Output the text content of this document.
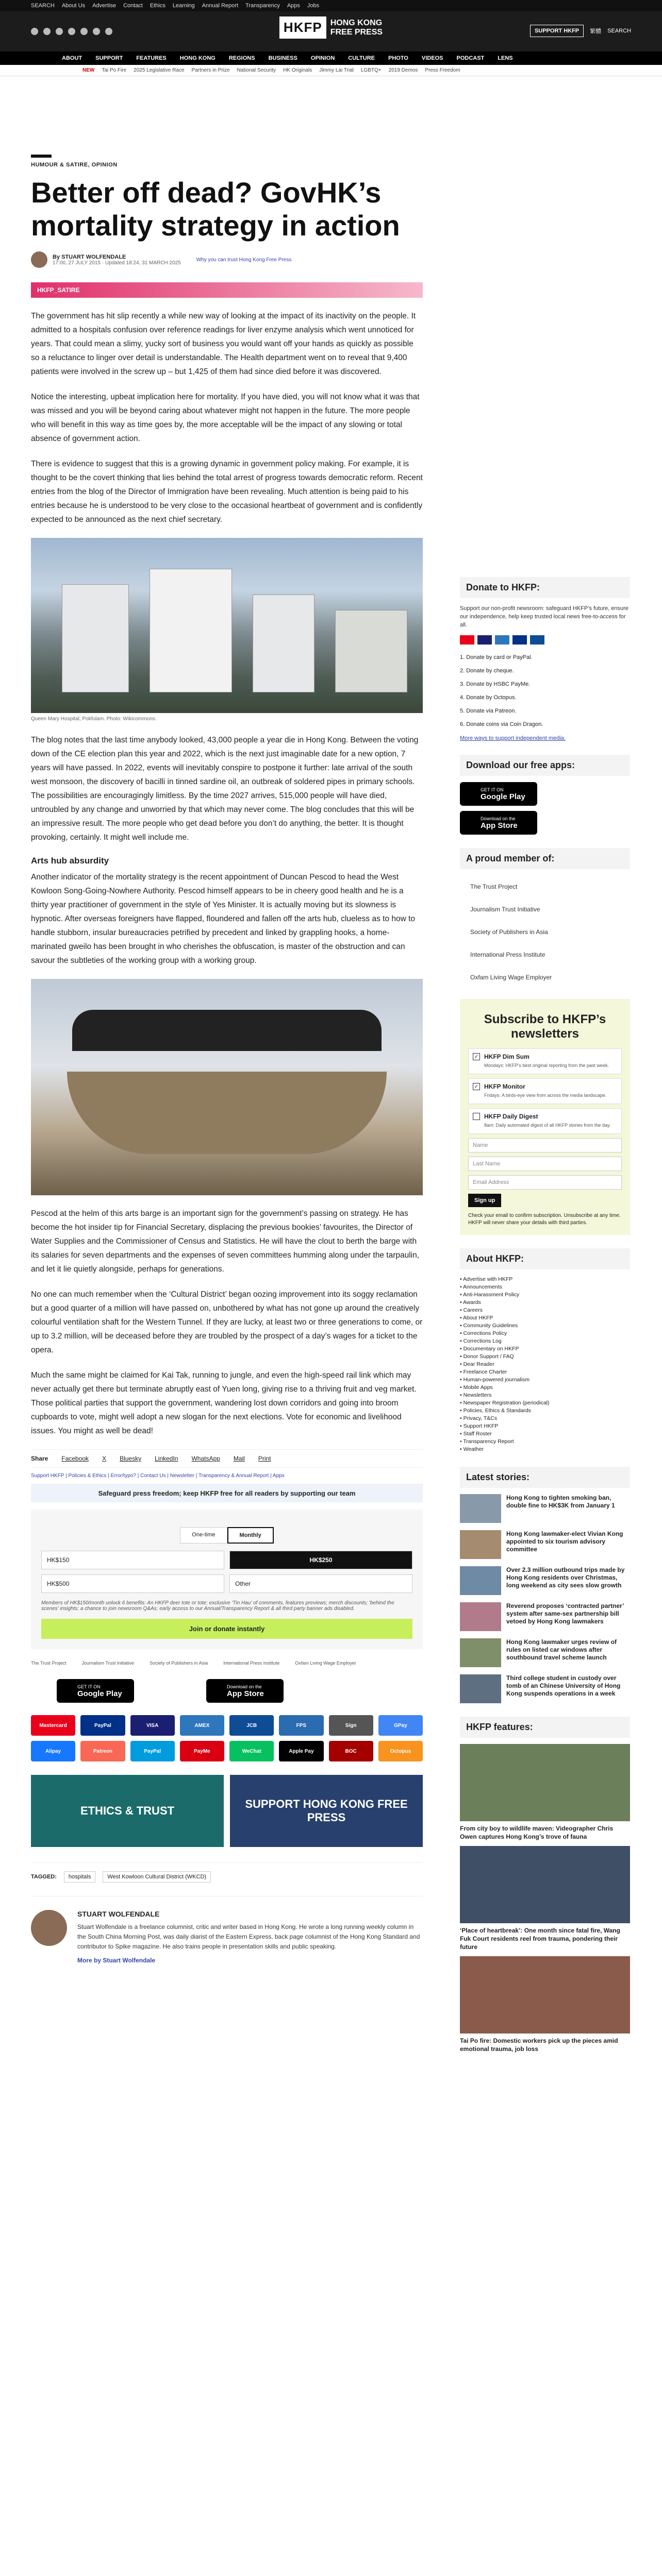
SEARCH About Us Advertise Contact Ethics Learning Annual Report Transparency Apps Jobs
HKFP	HONG KONG
FREE PRESS	SUPPORT HKFP	繁體 SEARCH
ABOUT SUPPORT FEATURES HONG KONG REGIONS BUSINESS OPINION CULTURE PHOTO VIDEOS PODCAST LENS
NEW Tai Po Fire 2025 Legislative Race Partners in Prize National Security HK Originals Jimmy Lai Trial LGBTQ+ 2019 Demos Press Freedom
HUMOUR & SATIRE, OPINION
Better off dead? GovHK’s mortality strategy in action
By STUART WOLFENDALE
17:00, 27 JULY 2015 · Updated 18:24, 31 MARCH 2025
Why you can trust Hong Kong Free Press
HKFP_SATIRE

The government has hit slip recently a while new way of looking at the impact of its inactivity on the people. It admitted to a hospitals confusion over reference readings for liver enzyme analysis which went unnoticed for years. That could mean a slimy, yucky sort of business you would want off your hands as quickly as possible so a reluctance to linger over detail is understandable. The Health department went on to reveal that 9,400 patients were involved in the screw up – but 1,425 of them had since died before it was discovered.

Notice the interesting, upbeat implication here for mortality. If you have died, you will not know what it was that was missed and you will be beyond caring about whatever might not happen in the future. The more people who will benefit in this way as time goes by, the more acceptable will be the impact of any slowing or total absence of government action.

There is evidence to suggest that this is a growing dynamic in government policy making. For example, it is thought to be the covert thinking that lies behind the total arrest of progress towards democratic reform. Recent entries from the blog of the Director of Immigration have been revealing. Much attention is being paid to his entries because he is understood to be very close to the occasional heartbeat of government and is confidently expected to be announced as the next chief secretary.

Queen Mary Hospital, Pokfulam. Photo: Wikicommons.

The blog notes that the last time anybody looked, 43,000 people a year die in Hong Kong. Between the voting down of the CE election plan this year and 2022, which is the next just imaginable date for a new option, 7 years will have passed. In 2022, events will inevitably conspire to postpone it further: late arrival of the south west monsoon, the discovery of bacilli in tinned sardine oil, an outbreak of soldered pipes in primary schools. The possibilities are encouragingly limitless. By the time 2027 arrives, 515,000 people will have died, untroubled by any change and unworried by that which may never come. The blog concludes that this will be an impressive result. The more people who get dead before you don’t do anything, the better. It is thought provoking, certainly. It might well include me.

Arts hub absurdity

Another indicator of the mortality strategy is the recent appointment of Duncan Pescod to head the West Kowloon Song-Going-Nowhere Authority. Pescod himself appears to be in cheery good health and he is a thirty year practitioner of government in the style of Yes Minister. It is actually moving but its slowness is hypnotic. After overseas foreigners have flapped, floundered and fallen off the arts hub, clueless as to how to handle stubborn, insular bureaucracies petrified by precedent and linked by grappling hooks, a home-marinated gweilo has been brought in who cherishes the obfuscation, is master of the obstruction and can savour the subtleties of the working group with a working group.

Pescod at the helm of this arts barge is an important sign for the government’s passing on strategy. He has become the hot insider tip for Financial Secretary, displacing the previous bookies’ favourites, the Director of Water Supplies and the Commissioner of Census and Statistics. He will have the clout to berth the barge with its salaries for seven departments and the expenses of seven committees humming along under the tarpaulin, and let it lie quietly alongside, perhaps for generations.

No one can much remember when the ‘Cultural District’ began oozing improvement into its soggy reclamation but a good quarter of a million will have passed on, unbothered by what has not gone up around the creatively colourful ventilation shaft for the Western Tunnel. If they are lucky, at least two or three generations to come, or up to 3.2 million, will be deceased before they are troubled by the prospect of a day’s wages for a ticket to the opera.

Much the same might be claimed for Kai Tak, running to jungle, and even the high-speed rail link which may never actually get there but terminate abruptly east of Yuen long, giving rise to a thriving fruit and veg market. Those political parties that support the government, wandering lost down corridors and going into broom cupboards to vote, might well adopt a new slogan for the next elections. Vote for economic and livelihood issues. You might as well be dead!

Share Facebook X Bluesky LinkedIn WhatsApp Mail Print
Support HKFP | Policies & Ethics | Error/typo? | Contact Us | Newsletter | Transparency & Annual Report | Apps
Safeguard press freedom; keep HKFP free for all readers by supporting our team
One-time	Monthly
HK$150	HK$250
HK$500	Other
Members of HK$150/month unlock 6 benefits: An HKFP deer tote or tote; exclusive 'Tin Hau' of comments, features previews; merch discounts; 'behind the scenes' insights; a chance to join newsroom Q&As; early access to our Annual/Transparency Report & all third party banner ads disabled.
Join or donate instantly
The Trust Project	Journalism Trust Initiative	Society of Publishers in Asia	International Press Institute	Oxfam Living Wage Employer
GET IT ON
Google Play
Download on the
App Store
Mastercard	PayPal	VISA	AMEX	JCB	FPS	Sign	GPay
Alipay	Patreon	PayPal	PayMe	WeChat	Apple Pay	BOC	Octopus
ETHICS & TRUST
SUPPORT HONG KONG FREE PRESS
TAGGED:	hospitals	West Kowloon Cultural District (WKCD)
STUART WOLFENDALE
Stuart Wolfendale is a freelance columnist, critic and writer based in Hong Kong. He wrote a long running weekly column in the South China Morning Post, was daily diarist of the Eastern Express, back page columnist of the Hong Kong Standard and contributor to Spike magazine. He also trains people in presentation skills and public speaking.
More by Stuart Wolfendale
Donate to HKFP:
Support our non-profit newsroom: safeguard HKFP’s future, ensure our independence, help keep trusted local news free-to-access for all.
1. Donate by card or PayPal.
2. Donate by cheque.
3. Donate by HSBC PayMe.
4. Donate by Octopus.
5. Donate via Patreon.
6. Donate coins via Coin Dragon.
More ways to support independent media.
Download our free apps:
GET IT ON
Google Play
Download on the
App Store
A proud member of:
The Trust Project
Journalism Trust Initiative
Society of Publishers in Asia
International Press Institute
Oxfam Living Wage Employer
Subscribe to HKFP’s newsletters
✓ HKFP Dim Sum
Mondays: HKFP’s best original reporting from the past week.
✓ HKFP Monitor
Fridays: A birds-eye view from across the media landscape.
HKFP Daily Digest
8am: Daily automated digest of all HKFP stories from the day.
Name
Last Name
Email Address
Sign up
Check your email to confirm subscription. Unsubscribe at any time. HKFP will never share your details with third parties.
About HKFP:
• Advertise with HKFP
• Announcements
• Anti-Harassment Policy
• Awards
• Careers
• About HKFP
• Community Guidelines
• Corrections Policy
• Corrections Log
• Documentary on HKFP
• Donor Support / FAQ
• Dear Reader
• Freelance Charter
• Human-powered journalism
• Mobile Apps
• Newsletters
• Newspaper Registration (periodical)
• Policies, Ethics & Standards
• Privacy, T&Cs
• Support HKFP
• Staff Roster
• Transparency Report
• Weather
Latest stories:
Hong Kong to tighten smoking ban, double fine to HK$3K from January 1
Hong Kong lawmaker-elect Vivian Kong appointed to six tourism advisory committee
Over 2.3 million outbound trips made by Hong Kong residents over Christmas, long weekend as city sees slow growth
Reverend proposes ‘contracted partner’ system after same-sex partnership bill vetoed by Hong Kong lawmakers
Hong Kong lawmaker urges review of rules on listed car windows after southbound travel scheme launch
Third college student in custody over tomb of an Chinese University of Hong Kong suspends operations in a week
HKFP features:
From city boy to wildlife maven: Videographer Chris Owen captures Hong Kong’s trove of fauna
‘Place of heartbreak’: One month since fatal fire, Wang Fuk Court residents reel from trauma, pondering their future
Tai Po fire: Domestic workers pick up the pieces amid emotional trauma, job loss
